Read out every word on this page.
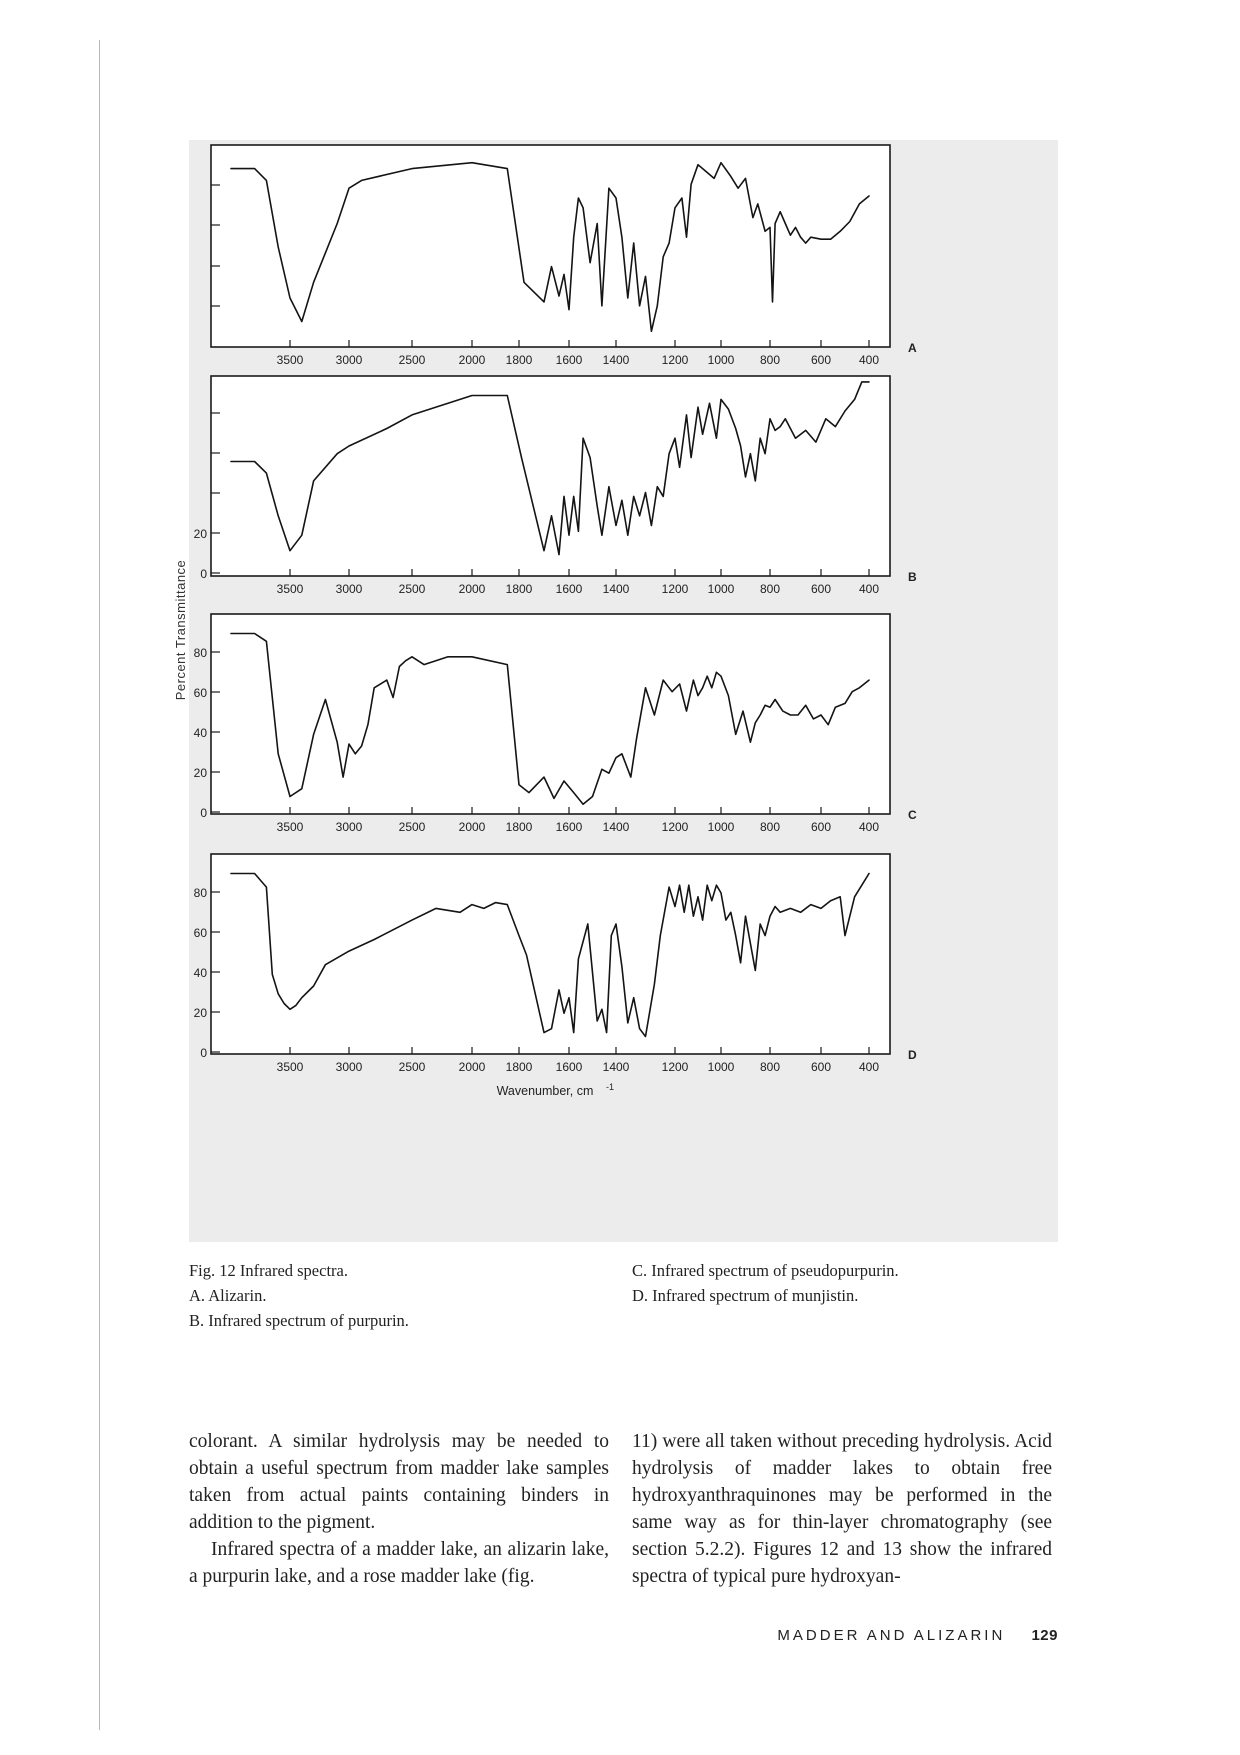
3500	3000	2500	2000 1800 1600 1400	1200 1000 800	600 400
A
20
0
3500	3000	2500	2000 1800 1600 1400	1200 1000 800	600 400
B
80
60
40
20
0
3500	3000	2500	2000 1800 1600 1400	1200 1000 800	600 400
C
80
60
40
20
0
3500	3000	2500	2000 1800 1600 1400	1200 1000 800	600 400
D
Percent Transmittance
Wavenumber, cm -1
Fig. 12 Infrared spectra.
A. Alizarin.
B. Infrared spectrum of purpurin.
C. Infrared spectrum of pseudopurpurin.
D. Infrared spectrum of munjistin.

colorant. A similar hydrolysis may be needed to obtain a useful spectrum from madder lake samples taken from actual paints containing binders in addition to the pigment.

Infrared spectra of a madder lake, an alizarin lake, a purpurin lake, and a rose madder lake (fig.

11) were all taken without preceding hydrolysis. Acid hydrolysis of madder lakes to obtain free hydroxyanthraquinones may be performed in the same way as for thin-layer chromatography (see section 5.2.2). Figures 12 and 13 show the infrared spectra of typical pure hydroxyan-

MADDER AND ALIZARIN 129
